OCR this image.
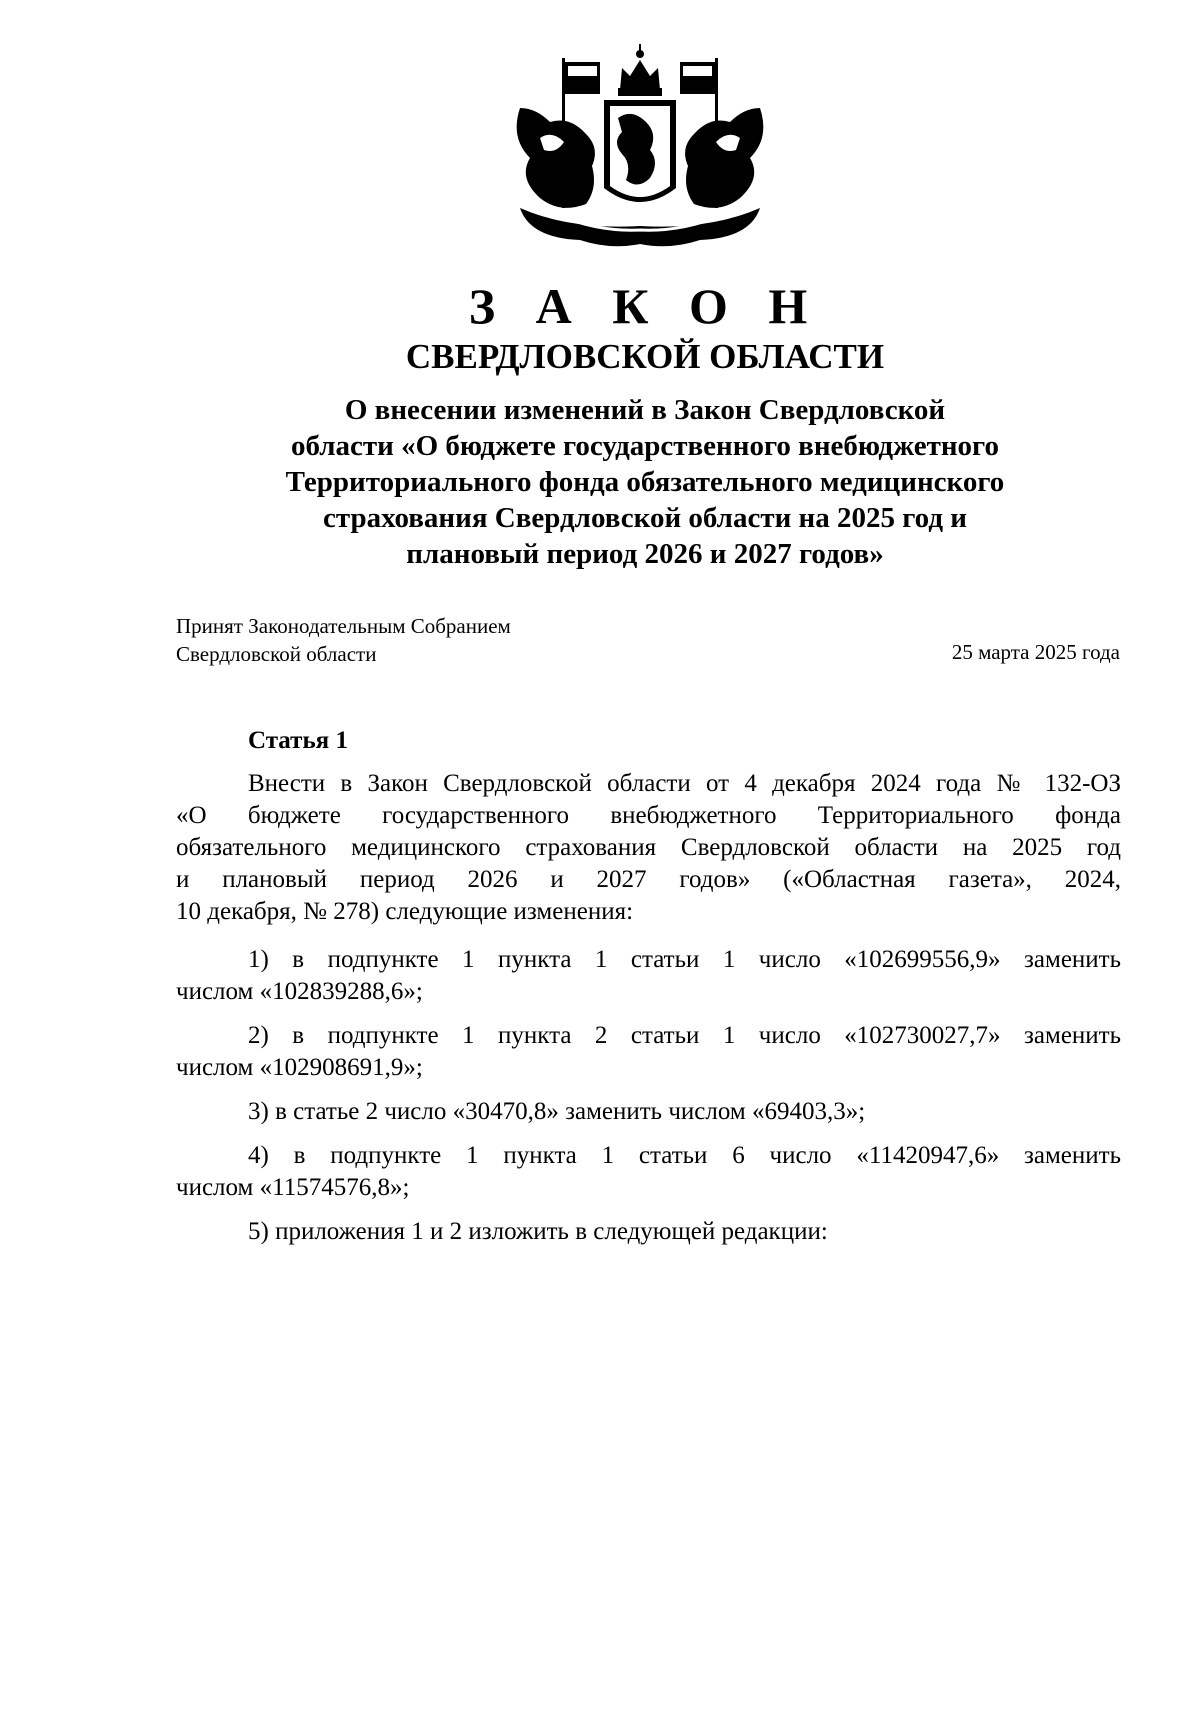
З А К О Н
СВЕРДЛОВСКОЙ ОБЛАСТИ
О внесении изменений в Закон Свердловской
области «О бюджете государственного внебюджетного
Территориального фонда обязательного медицинского
страхования Свердловской области на 2025 год и
плановый период 2026 и 2027 годов»
Принят Законодательным Собранием
Свердловской области	25 марта 2025 года
Статья 1
Внести в Закон Свердловской области от 4 декабря 2024 года № 132-ОЗ
«О бюджете государственного внебюджетного Территориального фонда
обязательного медицинского страхования Свердловской области на 2025 год
и плановый период 2026 и 2027 годов» («Областная газета», 2024,
10 декабря, № 278) следующие изменения:
1) в подпункте 1 пункта 1 статьи 1 число «102699556,9» заменить
числом «102839288,6»;
2) в подпункте 1 пункта 2 статьи 1 число «102730027,7» заменить
числом «102908691,9»;
3) в статье 2 число «30470,8» заменить числом «69403,3»;
4) в подпункте 1 пункта 1 статьи 6 число «11420947,6» заменить
числом «11574576,8»;
5) приложения 1 и 2 изложить в следующей редакции:
